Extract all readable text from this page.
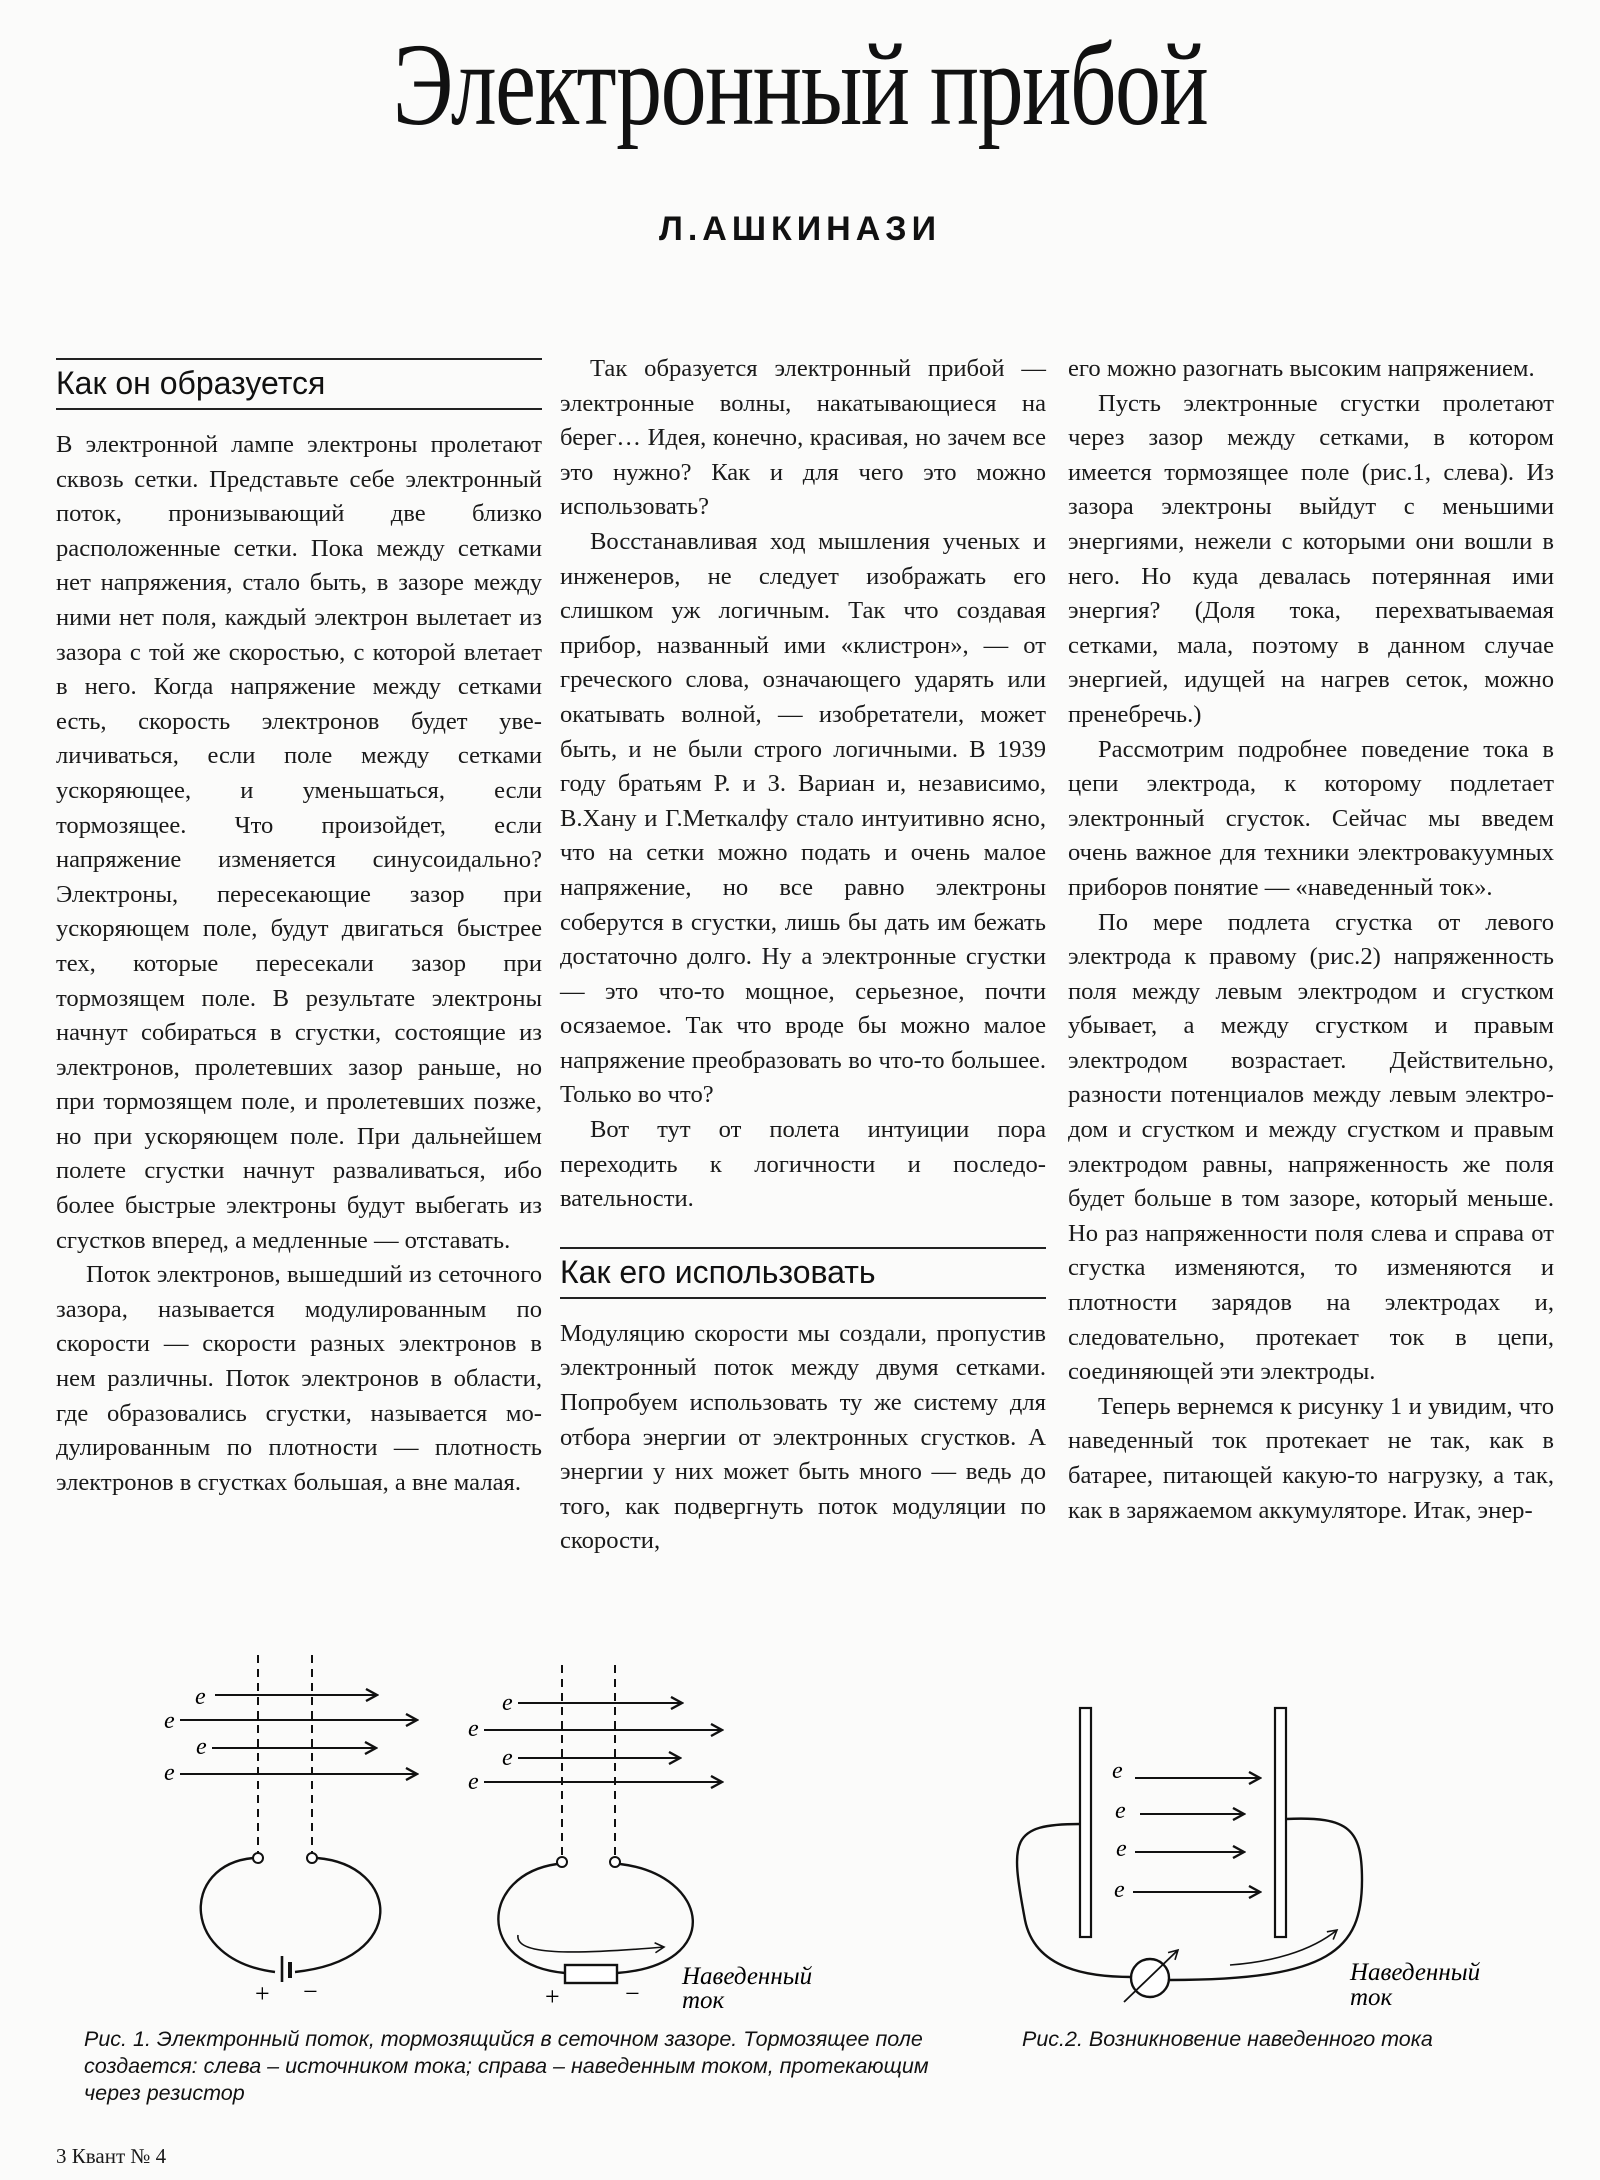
Электронный прибой
Л.АШКИНАЗИ
Как он образуется

В электронной лампе электроны пролетают сквозь сетки. Представьте себе электронный поток, пронизывающий две близко расположенные сетки. Пока между сетками нет напряжения, стало быть, в зазоре между ними нет поля, каждый электрон вылетает из зазора с той же скоростью, с которой влетает в него. Когда напряжение между сетками есть, скорость электронов будет увеличиваться, если поле между сетками ускоряющее, и уменьшаться, если тормозящее. Что произойдет, если напряжение изменяется синусоидально? Электроны, пересекающие зазор при ускоряющем поле, будут двигаться быстрее тех, которые пересекали зазор при тормозящем поле. В результате электроны начнут собираться в сгустки, состоящие из электронов, пролетевших зазор раньше, но при тормозящем поле, и пролетевших позже, но при ускоряющем поле. При дальнейшем полете сгустки начнут разваливаться, ибо более быстрые электроны будут выбегать из сгустков вперед, а медленные — отставать.

Поток электронов, вышедший из сеточного зазора, называется модулированным по скорости — скорости разных электронов в нем различны. Поток электронов в области, где образовались сгустки, называется модулированным по плотности — плотность электронов в сгустках большая, а вне малая.

Так образуется электронный прибой — электронные волны, накатывающиеся на берег… Идея, конечно, красивая, но зачем все это нужно? Как и для чего это можно использовать?

Восстанавливая ход мышления ученых и инженеров, не следует изображать его слишком уж логичным. Так что создавая прибор, названный ими «клистрон», — от греческого слова, означающего ударять или окатывать волной, — изобретатели, может быть, и не были строго логичными. В 1939 году братьям Р. и З. Вариан и, независимо, В.Хану и Г.Меткалфу стало интуитивно ясно, что на сетки можно подать и очень малое напряжение, но все равно электроны соберутся в сгустки, лишь бы дать им бежать достаточно долго. Ну а электронные сгустки — это что-то мощное, серьезное, почти осязаемое. Так что вроде бы можно малое напряжение преобразовать во что-то большее. Только во что?

Вот тут от полета интуиции пора переходить к логичности и последовательности.

Как его использовать

Модуляцию скорости мы создали, пропустив электронный поток между двумя сетками. Попробуем использовать ту же систему для отбора энергии от электронных сгустков. А энергии у них может быть много — ведь до того, как подвергнуть поток модуляции по скорости,

его можно разогнать высоким напряжением.

Пусть электронные сгустки пролетают через зазор между сетками, в котором имеется тормозящее поле (рис.1, слева). Из зазора электроны выйдут с меньшими энергиями, нежели с которыми они вошли в него. Но куда девалась потерянная ими энергия? (Доля тока, перехватываемая сетками, мала, поэтому в данном случае энергией, идущей на нагрев сеток, можно пренебречь.)

Рассмотрим подробнее поведение тока в цепи электрода, к которому подлетает электронный сгусток. Сейчас мы введем очень важное для техники электровакуумных приборов понятие — «наведенный ток».

По мере подлета сгустка от левого электрода к правому (рис.2) напряженность поля между левым электродом и сгустком убывает, а между сгустком и правым электродом возрастает. Действительно, разности потенциалов между левым электродом и сгустком и между сгустком и правым электродом равны, напряженность же поля будет больше в том зазоре, который меньше. Но раз напряженности поля слева и справа от сгустка изменяются, то изменяются и плотности зарядов на электродах и, следовательно, протекает ток в цепи, соединяющей эти электроды.

Теперь вернемся к рисунку 1 и увидим, что наведенный ток протекает не так, как в батарее, питающей какую-то нагрузку, а так, как в заряжаемом аккумуляторе. Итак, энер-

e
e
e
e
+ −
e
e
e
e
+	−
Наведенный
ток
e
e
e
e
Наведенный
ток
Рис. 1. Электронный поток, тормозящийся в сеточном зазоре. Тормозящее поле создается: слева – источником тока; справа – наведенным током, протекающим через резистор
Рис.2. Возникновение наведенного тока
3 Квант № 4
